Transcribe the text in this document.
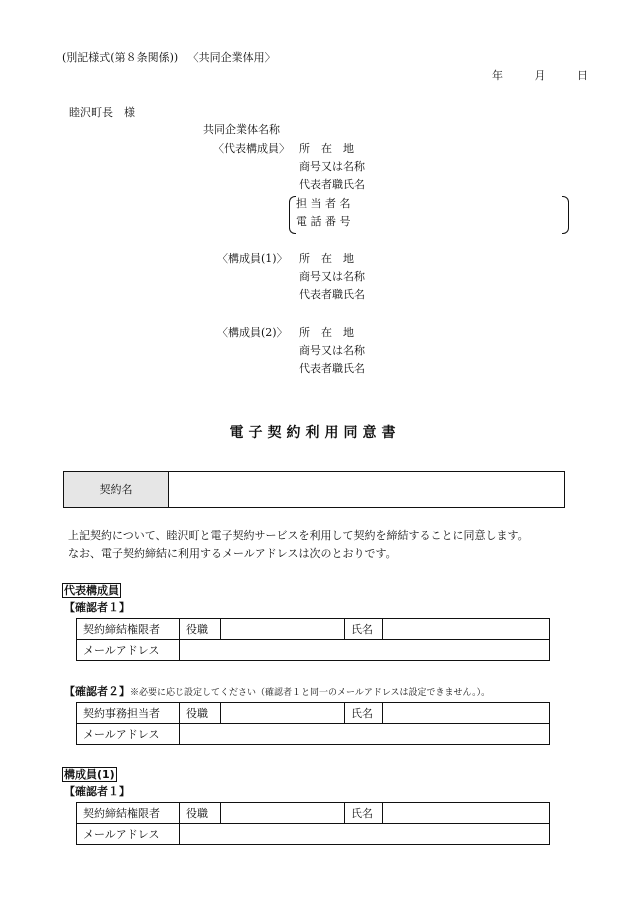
(別記様式(第８条関係)) 〈共同企業体用〉
年	月	日
睦沢町長　様
共同企業体名称
〈代表構成員〉 所　在　地
商号又は名称
代表者職氏名
担 当 者 名
電 話 番 号
〈構成員(1)〉 所　在　地
商号又は名称
代表者職氏名
〈構成員(2)〉 所　在　地
商号又は名称
代表者職氏名
電子契約利用同意書
契約名	
上記契約について、睦沢町と電子契約サービスを利用して契約を締結することに同意します。
なお、電子契約締結に利用するメールアドレスは次のとおりです。
代表構成員
【確認者１】
契約締結権限者	役職		氏名	
メールアドレス				
【確認者２】※必要に応じ設定してください（確認者１と同一のメールアドレスは設定できません。）。
契約事務担当者	役職		氏名	
メールアドレス				
構成員(1)
【確認者１】
契約締結権限者	役職		氏名	
メールアドレス				
